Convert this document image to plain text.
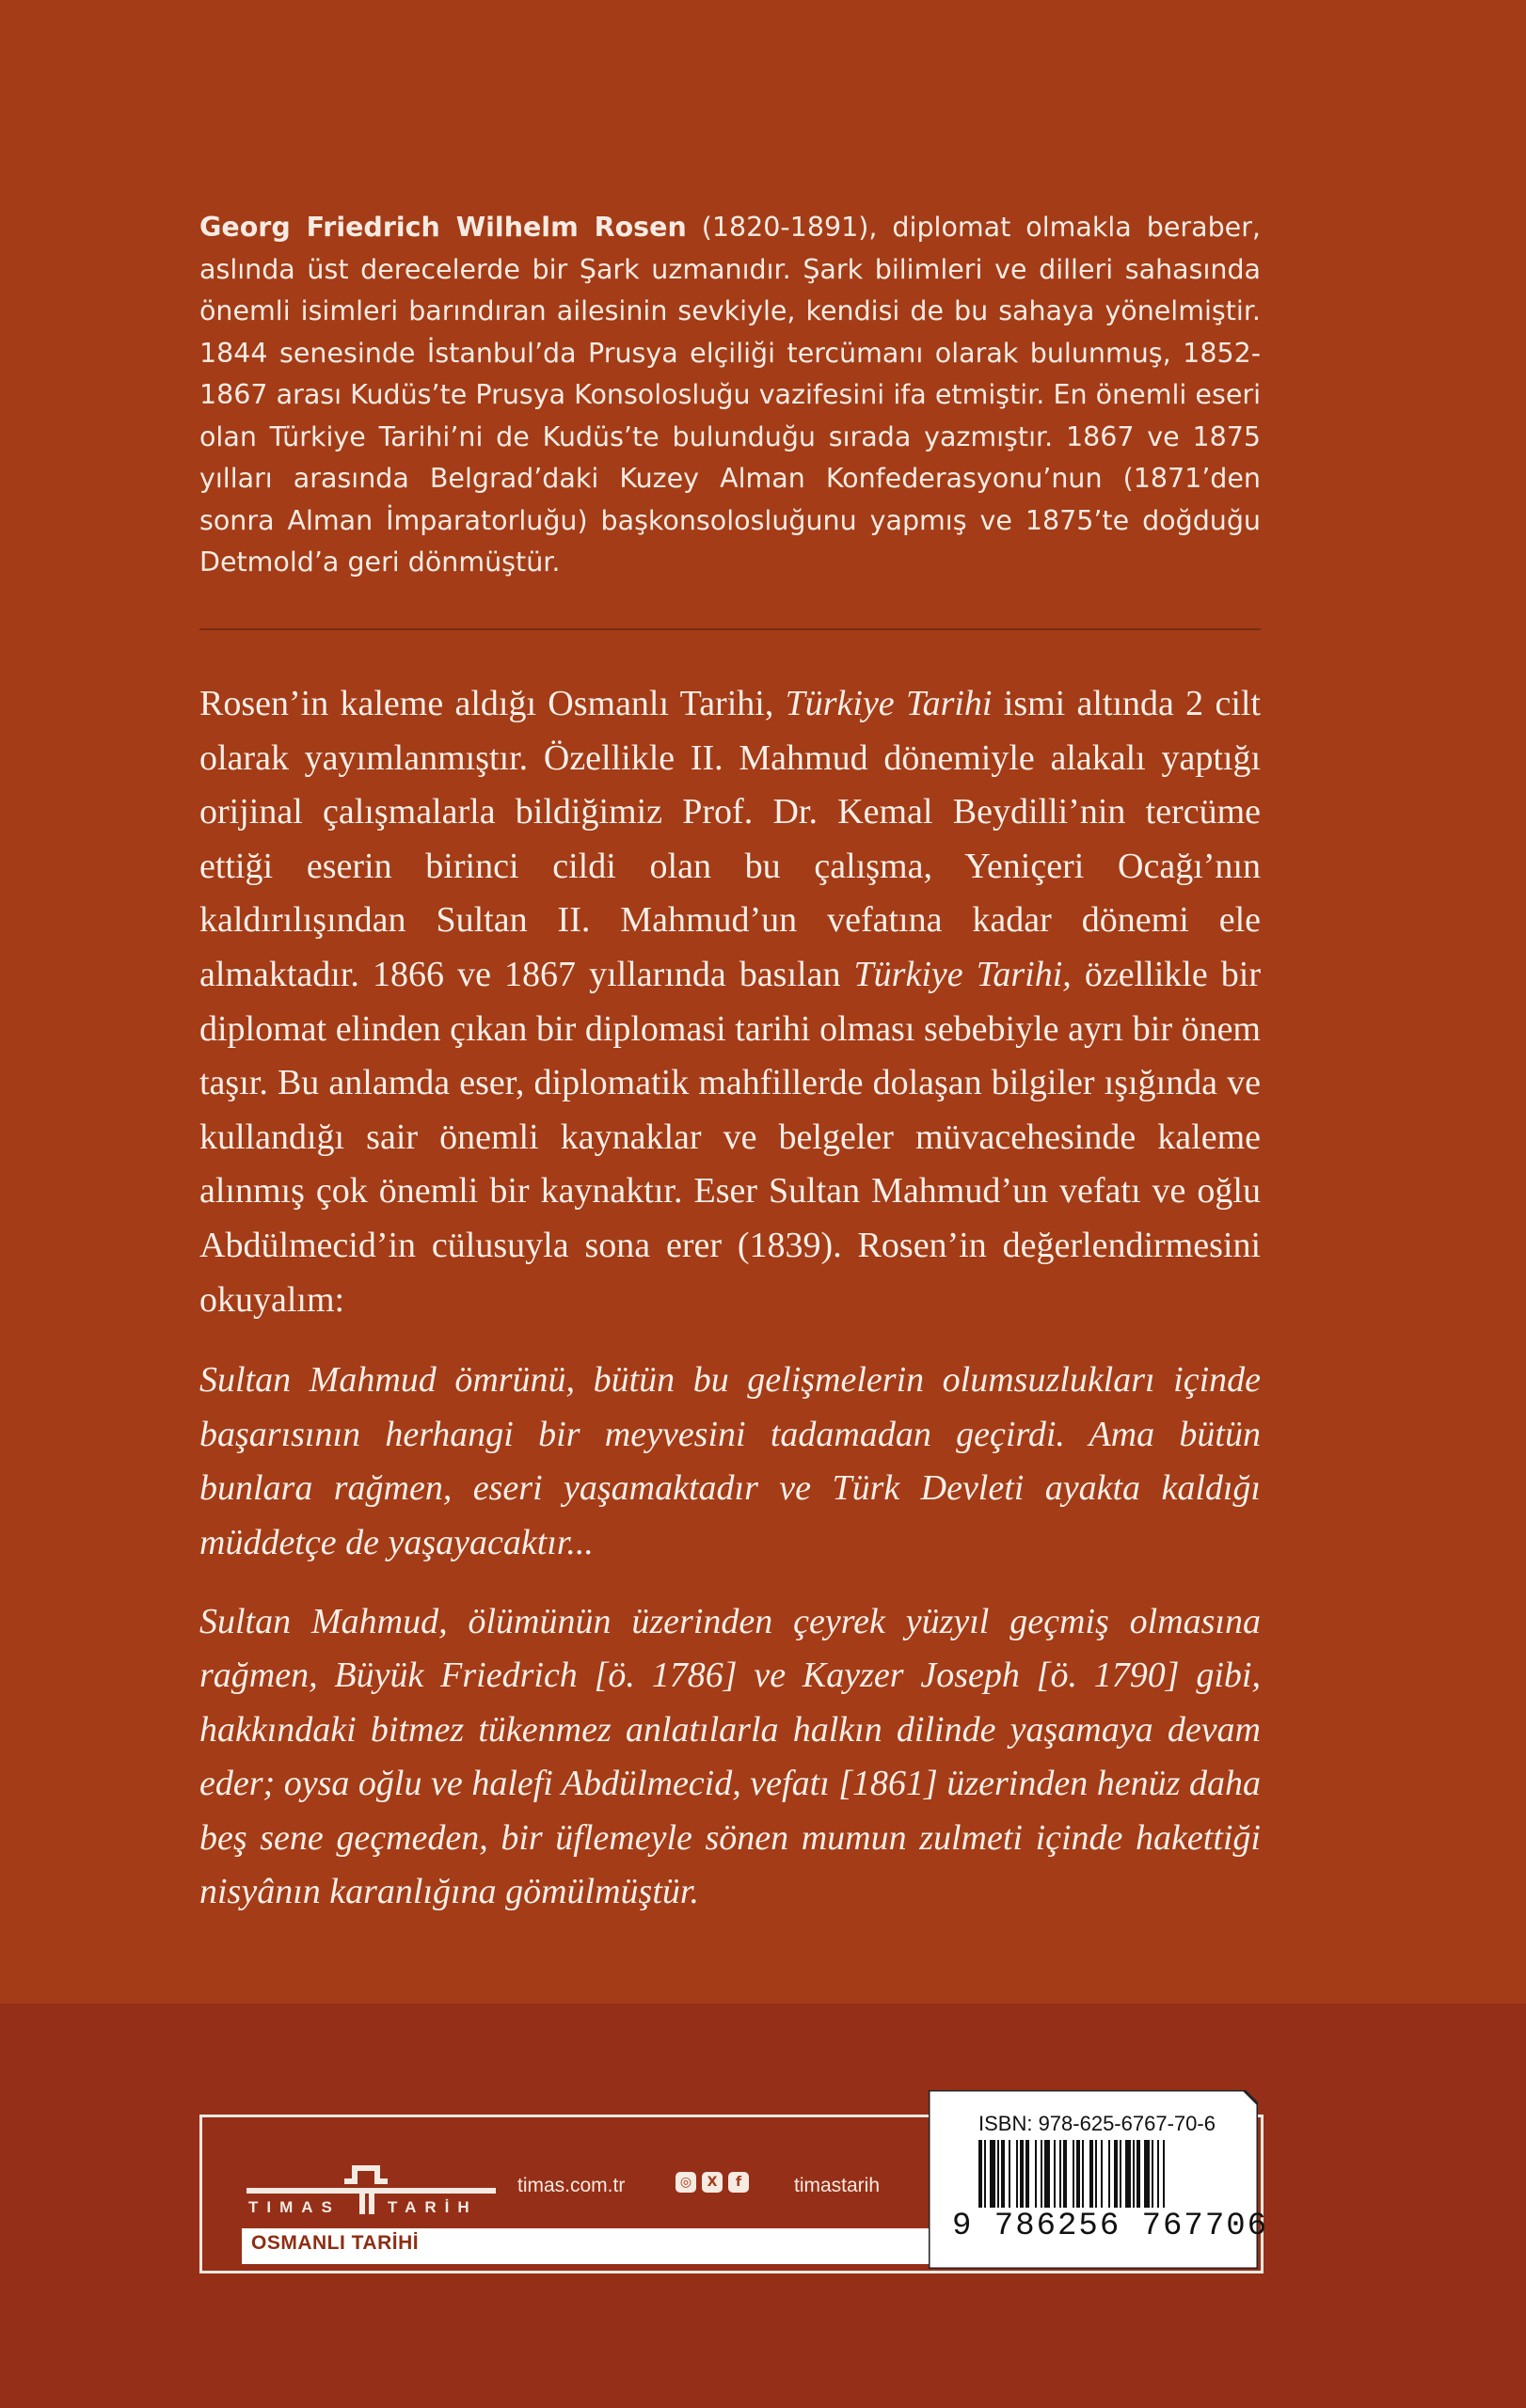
Georg Friedrich Wilhelm Rosen (1820-1891), diplomat olmakla beraber, aslında üst derecelerde bir Şark uzmanıdır. Şark bilimleri ve dilleri sahasında önemli isimleri barındıran ailesinin sevkiyle, kendisi de bu sahaya yönelmiştir. 1844 senesinde İstanbul’da Prusya elçiliği tercümanı olarak bulunmuş, 1852-1867 arası Kudüs’te Prusya Konsolosluğu vazifesini ifa etmiştir. En önemli eseri olan Türkiye Tarihi’ni de Kudüs’te bulunduğu sırada yazmıştır. 1867 ve 1875 yılları arasında Belgrad’daki Kuzey Alman Konfederasyonu’nun (1871’den sonra Alman İmparatorluğu) başkonsolosluğunu yapmış ve 1875’te doğduğu Detmold’a geri dönmüştür.

Rosen’in kaleme aldığı Osmanlı Tarihi, Türkiye Tarihi ismi altında 2 cilt olarak yayımlanmıştır. Özellikle II. Mahmud dönemiyle alakalı yaptığı orijinal çalışmalarla bildiğimiz Prof. Dr. Kemal Beydilli’nin tercüme ettiği eserin birinci cildi olan bu çalışma, Yeniçeri Ocağı’nın kaldırılışından Sultan II. Mahmud’un vefatına kadar dönemi ele almaktadır. 1866 ve 1867 yıllarında basılan Türkiye Tarihi, özellikle bir diplomat elinden çıkan bir diplomasi tarihi olması sebebiyle ayrı bir önem taşır. Bu anlamda eser, diplomatik mahfillerde dolaşan bilgiler ışığında ve kullandığı sair önemli kaynaklar ve belgeler müvacehesinde kaleme alınmış çok önemli bir kaynaktır. Eser Sultan Mahmud’un vefatı ve oğlu Abdülmecid’in cülusuyla sona erer (1839). Rosen’in değerlendirmesini okuyalım:

Sultan Mahmud ömrünü, bütün bu gelişmelerin olumsuzlukları içinde başarısının herhangi bir meyvesini tadamadan geçirdi. Ama bütün bunlara rağmen, eseri yaşamaktadır ve Türk Devleti ayakta kaldığı müddetçe de yaşayacaktır...

Sultan Mahmud, ölümünün üzerinden çeyrek yüzyıl geçmiş olmasına rağmen, Büyük Friedrich [ö. 1786] ve Kayzer Joseph [ö. 1790] gibi, hakkındaki bitmez tükenmez anlatılarla halkın dilinde yaşamaya devam eder; oysa oğlu ve halefi Abdülmecid, vefatı [1861] üzerinden henüz daha beş sene geçmeden, bir üflemeyle sönen mumun zulmeti içinde hakettiği nisyânın karanlığına gömülmüştür.

TIMAS	TARİH
timas.com.tr	◎	X	f	timastarih
OSMANLI TARİHİ
ISBN: 978-625-6767-70-6
9 786256 767706
